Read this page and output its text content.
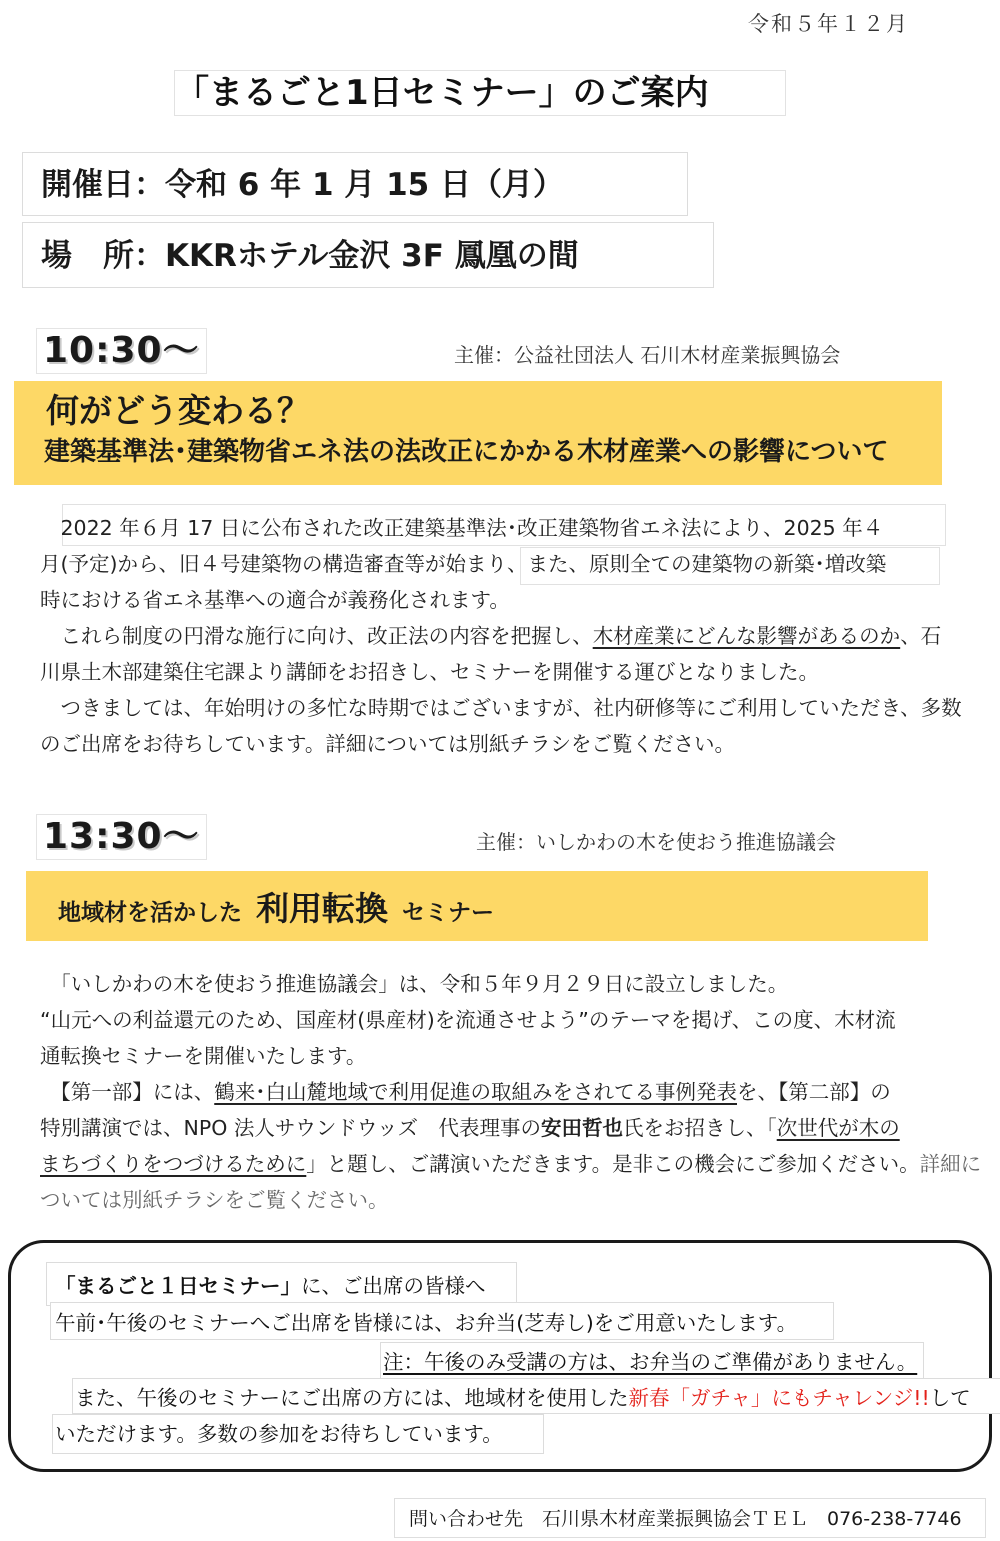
令和５年１２月
「まるごと1日セミナー」のご案内
開催日：令和 6 年 1 月 15 日（月）
場　所：KKRホテル金沢 3F 鳳凰の間
10:30～	主催：公益社団法人 石川木材産業振興協会
何がどう変わる？
建築基準法･建築物省エネ法の法改正にかかる木材産業への影響について

　2022 年６月 17 日に公布された改正建築基準法･改正建築物省エネ法により、2025 年４

月(予定)から、旧４号建築物の構造審査等が始まり、また、原則全ての建築物の新築･増改築

時における省エネ基準への適合が義務化されます。

　これら制度の円滑な施行に向け、改正法の内容を把握し、木材産業にどんな影響があるのか、石

川県土木部建築住宅課より講師をお招きし、セミナーを開催する運びとなりました。

　つきましては、年始明けの多忙な時期ではございますが、社内研修等にご利用していただき、多数

のご出席をお待ちしています。詳細については別紙チラシをご覧ください。

13:30～	主催：いしかわの木を使おう推進協議会
地域材を活かした 利用転換 セミナー

　「いしかわの木を使おう推進協議会」は、令和５年９月２９日に設立しました。

“山元への利益還元のため、国産材(県産材)を流通させよう”のテーマを掲げ、この度、木材流

通転換セミナーを開催いたします。

　【第一部】には、鶴来･白山麓地域で利用促進の取組みをされてる事例発表を、【第二部】の

特別講演では、NPO 法人サウンドウッズ　代表理事の安田哲也氏をお招きし、「次世代が木の

まちづくりをつづけるために」と題し、ご講演いただきます。是非この機会にご参加ください。詳細に

ついては別紙チラシをご覧ください。

「まるごと１日セミナー」に、ご出席の皆様へ
午前･午後のセミナーへご出席を皆様には、お弁当(芝寿し)をご用意いたします。
注：午後のみ受講の方は、お弁当のご準備がありません。
また、午後のセミナーにご出席の方には、地域材を使用した新春「ガチャ」にもチャレンジ!!して
いただけます。多数の参加をお待ちしています。
問い合わせ先　石川県木材産業振興協会ＴＥＬ　076-238-7746
